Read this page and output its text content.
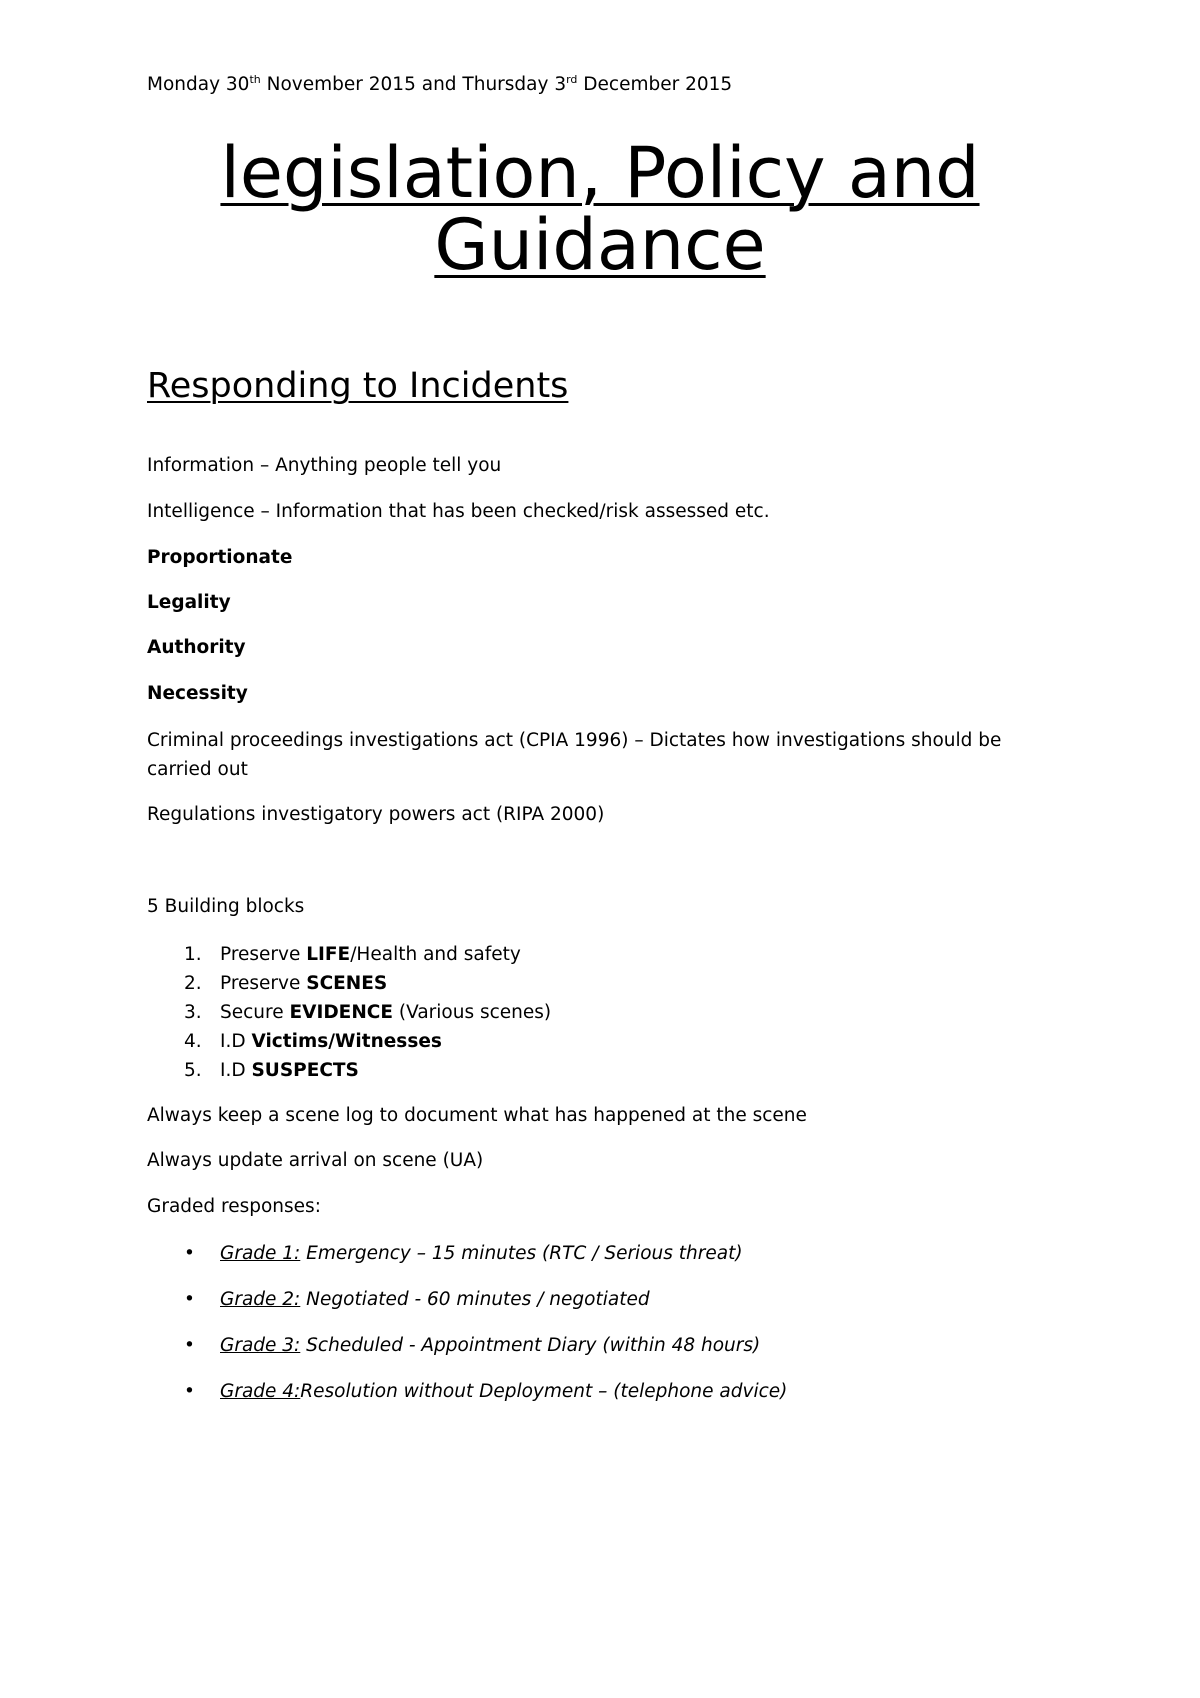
Monday 30th November 2015 and Thursday 3rd December 2015

legislation, Policy and
Guidance

Responding to Incidents

Information – Anything people tell you

Intelligence – Information that has been checked/risk assessed etc.

Proportionate

Legality

Authority

Necessity

Criminal proceedings investigations act (CPIA 1996) – Dictates how investigations should be carried out

Regulations investigatory powers act (RIPA 2000)

5 Building blocks

1. Preserve LIFE/Health and safety
2. Preserve SCENES
3. Secure EVIDENCE (Various scenes)
4. I.D Victims/Witnesses
5. I.D SUSPECTS

Always keep a scene log to document what has happened at the scene

Always update arrival on scene (UA)

Graded responses:

• Grade 1: Emergency – 15 minutes (RTC / Serious threat)
• Grade 2: Negotiated - 60 minutes / negotiated
• Grade 3: Scheduled - Appointment Diary (within 48 hours)
• Grade 4:Resolution without Deployment – (telephone advice)
